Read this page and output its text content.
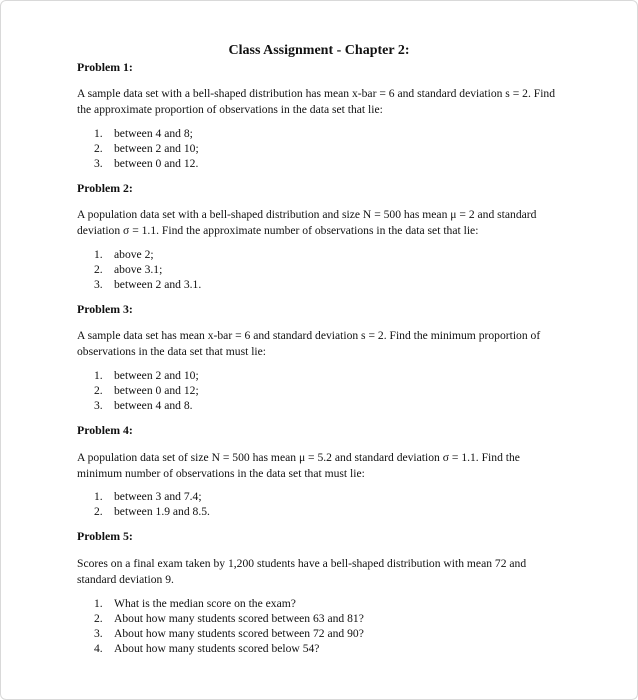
Class Assignment - Chapter 2:
Problem 1:
A sample data set with a bell-shaped distribution has mean x-bar = 6 and standard deviation s = 2. Find the approximate proportion of observations in the data set that lie:
1. between 4 and 8;
2. between 2 and 10;
3. between 0 and 12.
Problem 2:
A population data set with a bell-shaped distribution and size N = 500 has mean μ = 2 and standard deviation σ = 1.1. Find the approximate number of observations in the data set that lie:
1. above 2;
2. above 3.1;
3. between 2 and 3.1.
Problem 3:
A sample data set has mean x-bar = 6 and standard deviation s = 2. Find the minimum proportion of observations in the data set that must lie:
1. between 2 and 10;
2. between 0 and 12;
3. between 4 and 8.
Problem 4:
A population data set of size N = 500 has mean μ = 5.2 and standard deviation σ = 1.1. Find the minimum number of observations in the data set that must lie:
1. between 3 and 7.4;
2. between 1.9 and 8.5.
Problem 5:
Scores on a final exam taken by 1,200 students have a bell-shaped distribution with mean 72 and standard deviation 9.
1. What is the median score on the exam?
2. About how many students scored between 63 and 81?
3. About how many students scored between 72 and 90?
4. About how many students scored below 54?
